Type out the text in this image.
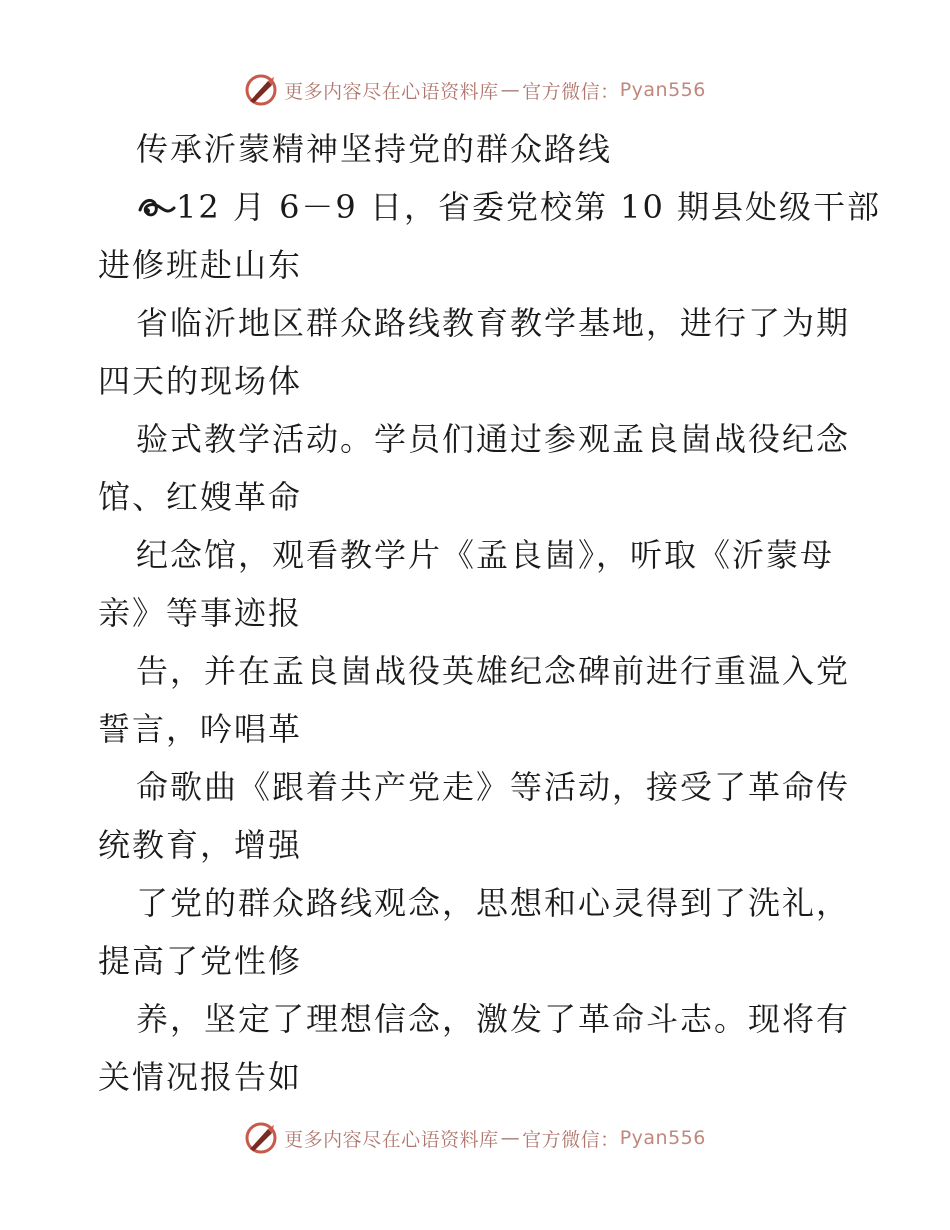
更多内容尽在心语资料库 — 官方微信： Pyan556
传承沂蒙精神坚持党的群众路线
12 月 6－9 日，省委党校第 10 期县处级干部
进修班赴山东
省临沂地区群众路线教育教学基地，进行了为期
四天的现场体
验式教学活动。学员们通过参观孟良崮战役纪念
馆、红嫂革命
纪念馆，观看教学片《孟良崮》，听取《沂蒙母
亲》等事迹报
告，并在孟良崮战役英雄纪念碑前进行重温入党
誓言，吟唱革
命歌曲《跟着共产党走》等活动，接受了革命传
统教育，增强
了党的群众路线观念，思想和心灵得到了洗礼，
提高了党性修
养，坚定了理想信念，激发了革命斗志。现将有
关情况报告如
更多内容尽在心语资料库 — 官方微信： Pyan556
